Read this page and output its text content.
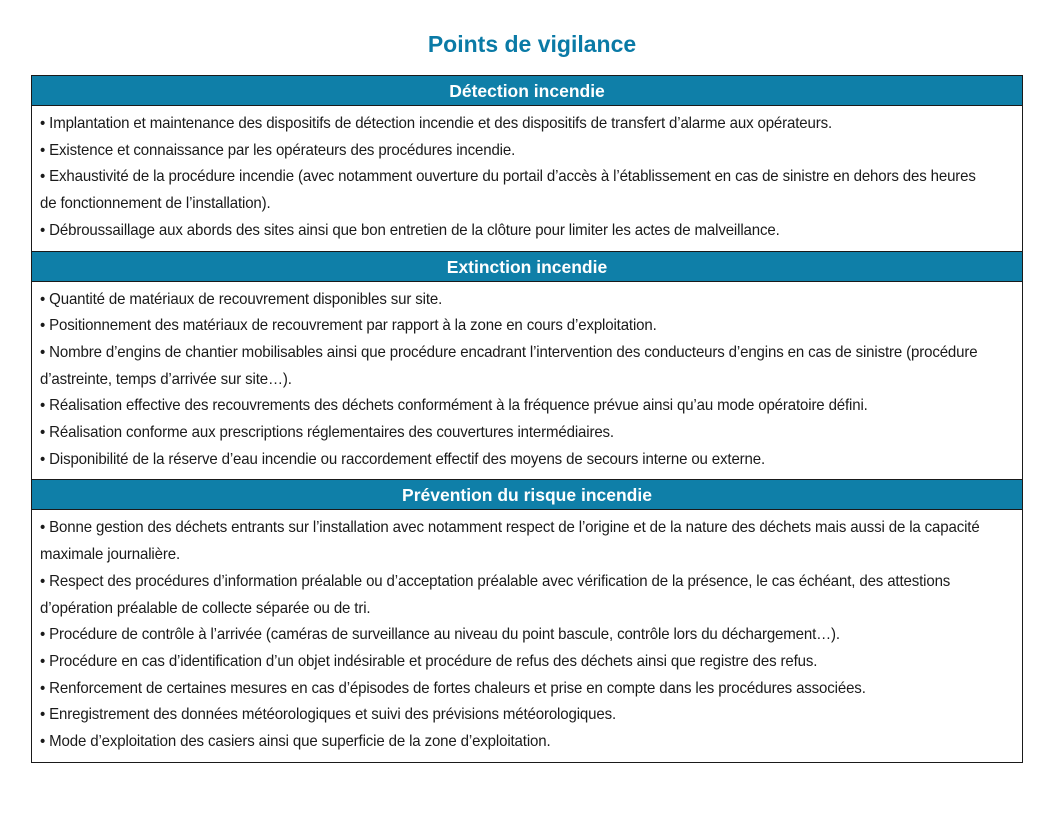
Points de vigilance
Détection incendie
• Implantation et maintenance des dispositifs de détection incendie et des dispositifs de transfert d’alarme aux opérateurs.
• Existence et connaissance par les opérateurs des procédures incendie.
• Exhaustivité de la procédure incendie (avec notamment ouverture du portail d’accès à l’établissement en cas de sinistre en dehors des heures de fonctionnement de l’installation).
• Débroussaillage aux abords des sites ainsi que bon entretien de la clôture pour limiter les actes de malveillance.
Extinction incendie
• Quantité de matériaux de recouvrement disponibles sur site.
• Positionnement des matériaux de recouvrement par rapport à la zone en cours d’exploitation.
• Nombre d’engins de chantier mobilisables ainsi que procédure encadrant l’intervention des conducteurs d’engins en cas de sinistre (procédure d’astreinte, temps d’arrivée sur site…).
• Réalisation effective des recouvrements des déchets conformément à la fréquence prévue ainsi qu’au mode opératoire défini.
• Réalisation conforme aux prescriptions réglementaires des couvertures intermédiaires.
• Disponibilité de la réserve d’eau incendie ou raccordement effectif des moyens de secours interne ou externe.
Prévention du risque incendie
• Bonne gestion des déchets entrants sur l’installation avec notamment respect de l’origine et de la nature des déchets mais aussi de la capacité maximale journalière.
• Respect des procédures d’information préalable ou d’acceptation préalable avec vérification de la présence, le cas échéant, des attestions d’opération préalable de collecte séparée ou de tri.
• Procédure de contrôle à l’arrivée (caméras de surveillance au niveau du point bascule, contrôle lors du déchargement…).
• Procédure en cas d’identification d’un objet indésirable et procédure de refus des déchets ainsi que registre des refus.
• Renforcement de certaines mesures en cas d’épisodes de fortes chaleurs et prise en compte dans les procédures associées.
• Enregistrement des données météorologiques et suivi des prévisions météorologiques.
• Mode d’exploitation des casiers ainsi que superficie de la zone d’exploitation.
